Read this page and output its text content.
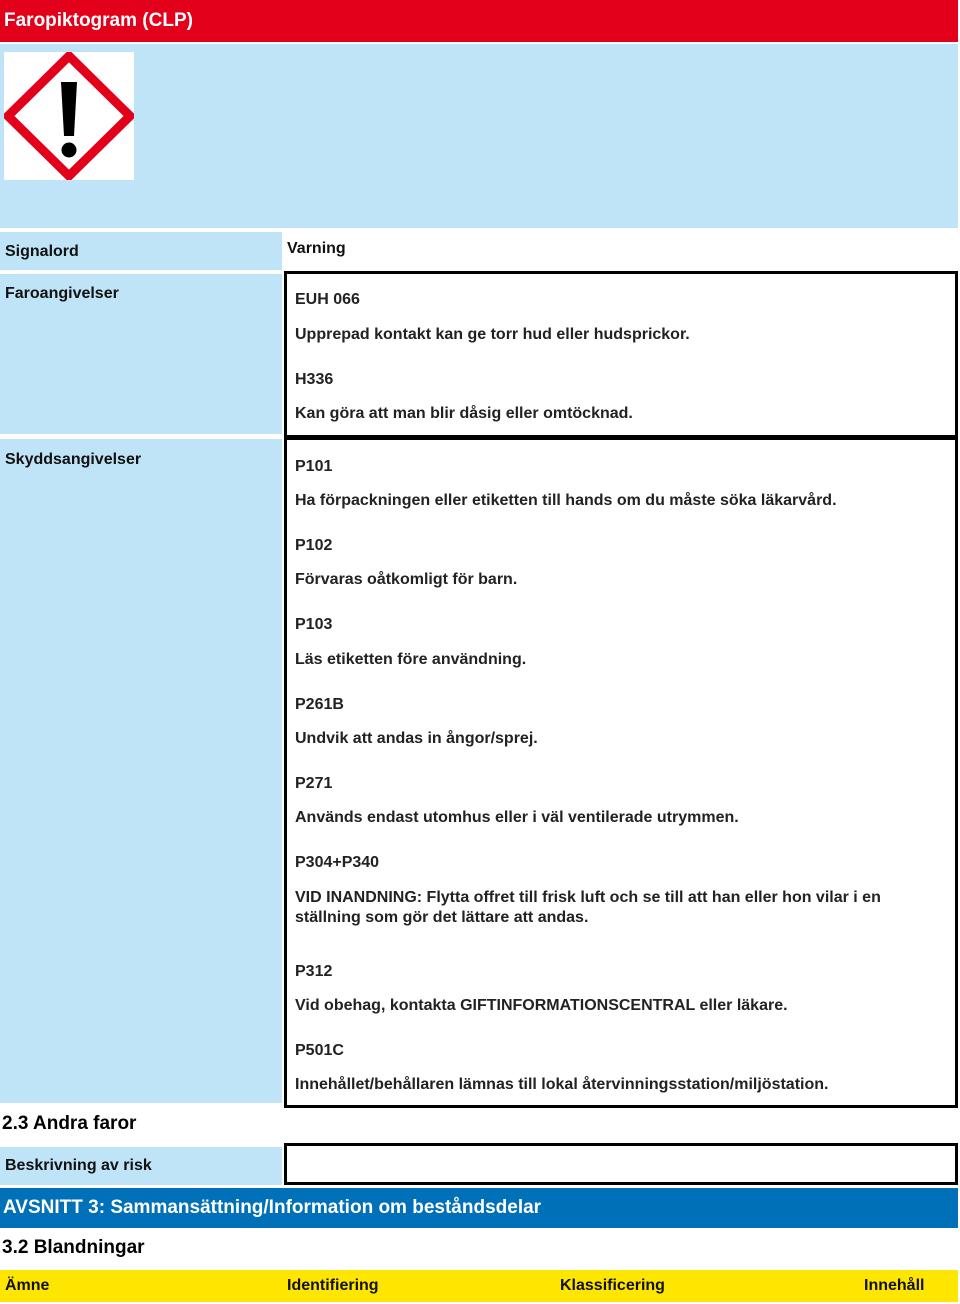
Faropiktogram (CLP)
Signalord	Varning
Faroangivelser	EUH 066
Upprepad kontakt kan ge torr hud eller hudsprickor.
H336
Kan göra att man blir dåsig eller omtöcknad.
Skyddsangivelser	P101
Ha förpackningen eller etiketten till hands om du måste söka läkarvård.
P102
Förvaras oåtkomligt för barn.
P103
Läs etiketten före användning.
P261B
Undvik att andas in ångor/sprej.
P271
Används endast utomhus eller i väl ventilerade utrymmen.
P304+P340
VID INANDNING: Flytta offret till frisk luft och se till att han eller hon vilar i en ställning som gör det lättare att andas.
P312
Vid obehag, kontakta GIFTINFORMATIONSCENTRAL eller läkare.
P501C
Innehållet/behållaren lämnas till lokal återvinningsstation/miljöstation.
2.3 Andra faror
Beskrivning av risk
AVSNITT 3: Sammansättning/Information om beståndsdelar
3.2 Blandningar
Ämne	Identifiering	Klassificering	Innehåll
